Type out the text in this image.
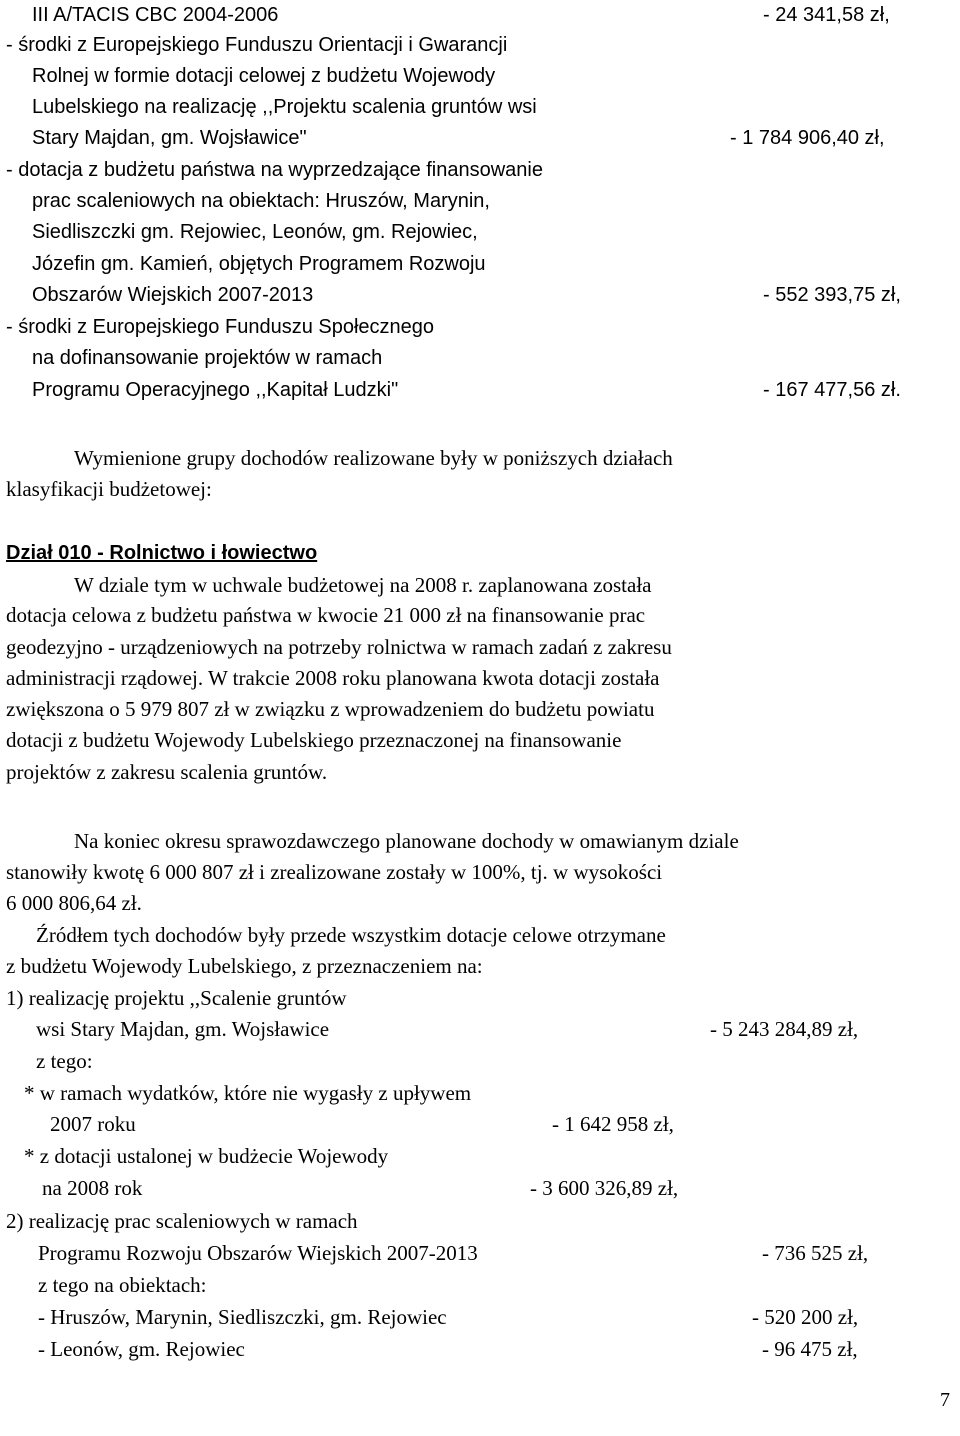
III A/TACIS CBC 2004-2006	- 24 341,58 zł,
- środki z Europejskiego Funduszu Orientacji i Gwarancji
Rolnej w formie dotacji celowej z budżetu Wojewody
Lubelskiego na realizację ,,Projektu scalenia gruntów wsi
Stary Majdan, gm. Wojsławice"	- 1 784 906,40 zł,
- dotacja z budżetu państwa na wyprzedzające finansowanie
prac scaleniowych na obiektach: Hruszów, Marynin,
Siedliszczki gm. Rejowiec, Leonów, gm. Rejowiec,
Józefin gm. Kamień, objętych Programem Rozwoju
Obszarów Wiejskich 2007-2013	- 552 393,75 zł,
- środki z Europejskiego Funduszu Społecznego
na dofinansowanie projektów w ramach
Programu Operacyjnego ,,Kapitał Ludzki"	- 167 477,56 zł.
Wymienione grupy dochodów realizowane były w poniższych działach
klasyfikacji budżetowej:
Dział 010 - Rolnictwo i łowiectwo
W dziale tym w uchwale budżetowej na 2008 r. zaplanowana została
dotacja celowa z budżetu państwa w kwocie 21 000 zł na finansowanie prac
geodezyjno - urządzeniowych na potrzeby rolnictwa w ramach zadań z zakresu
administracji rządowej. W trakcie 2008 roku planowana kwota dotacji została
zwiększona o 5 979 807 zł w związku z wprowadzeniem do budżetu powiatu
dotacji z budżetu Wojewody Lubelskiego przeznaczonej na finansowanie
projektów z zakresu scalenia gruntów.
Na koniec okresu sprawozdawczego planowane dochody w omawianym dziale
stanowiły kwotę 6 000 807 zł i zrealizowane zostały w 100%, tj. w wysokości
6 000 806,64 zł.
Źródłem tych dochodów były przede wszystkim dotacje celowe otrzymane
z budżetu Wojewody Lubelskiego, z przeznaczeniem na:
1) realizację projektu ,,Scalenie gruntów
wsi Stary Majdan, gm. Wojsławice	- 5 243 284,89 zł,
z tego:
* w ramach wydatków, które nie wygasły z upływem
2007 roku	- 1 642 958 zł,
* z dotacji ustalonej w budżecie Wojewody
na 2008 rok	- 3 600 326,89 zł,
2) realizację prac scaleniowych w ramach
Programu Rozwoju Obszarów Wiejskich 2007-2013	- 736 525 zł,
z tego na obiektach:
- Hruszów, Marynin, Siedliszczki, gm. Rejowiec	- 520 200 zł,
- Leonów, gm. Rejowiec	- 96 475 zł,
7
